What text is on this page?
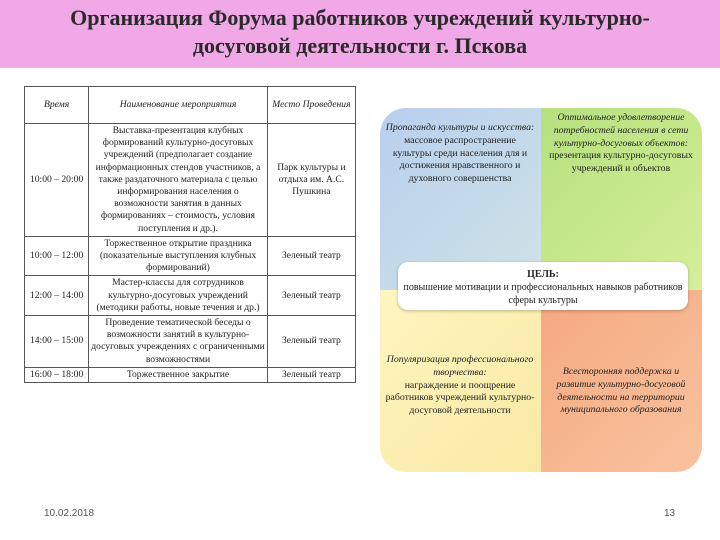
Организация Форума работников учреждений культурно-
досуговой деятельности г. Пскова
Время	Наименование мероприятия	Место Проведения
10:00 – 20:00	Выставка-презентация клубных формирований культурно-досуговых учреждений (предполагает создание информационных стендов участников, а также раздаточного материала с целью информирования населения о возможности занятия в данных формированиях – стоимость, условия поступления и др.).	Парк культуры и отдыха им. А.С. Пушкина
10:00 – 12:00	Торжественное открытие праздника (показательные выступления клубных формирований)	Зеленый театр
12:00 – 14:00	Мастер-классы для сотрудников культурно-досуговых учреждений (методики работы, новые течения и др.)	Зеленый театр
14:00 – 15:00	Проведение тематической беседы о возможности занятий в культурно-досуговых учреждениях с ограниченными возможностями	Зеленый театр
16:00 – 18:00	Торжественное закрытие	Зеленый театр
Пропаганда культуры и искусства:
массовое распространение культуры среди населения для и достижения нравственного и духовного совершенства
Оптимальное удовлетворение потребностей населения в сети культурно-досуговых объектов:
презентация культурно-досуговых учреждений и объектов
Популяризация профессионального творчества:
награждение и поощрение работников учреждений культурно-досуговой деятельности
Всесторонняя поддержка и развитие культурно-досуговой деятельности на территории муниципального образования
ЦЕЛЬ:
повышение мотивации и профессиональных навыков работников сферы культуры
10.02.2018	13
